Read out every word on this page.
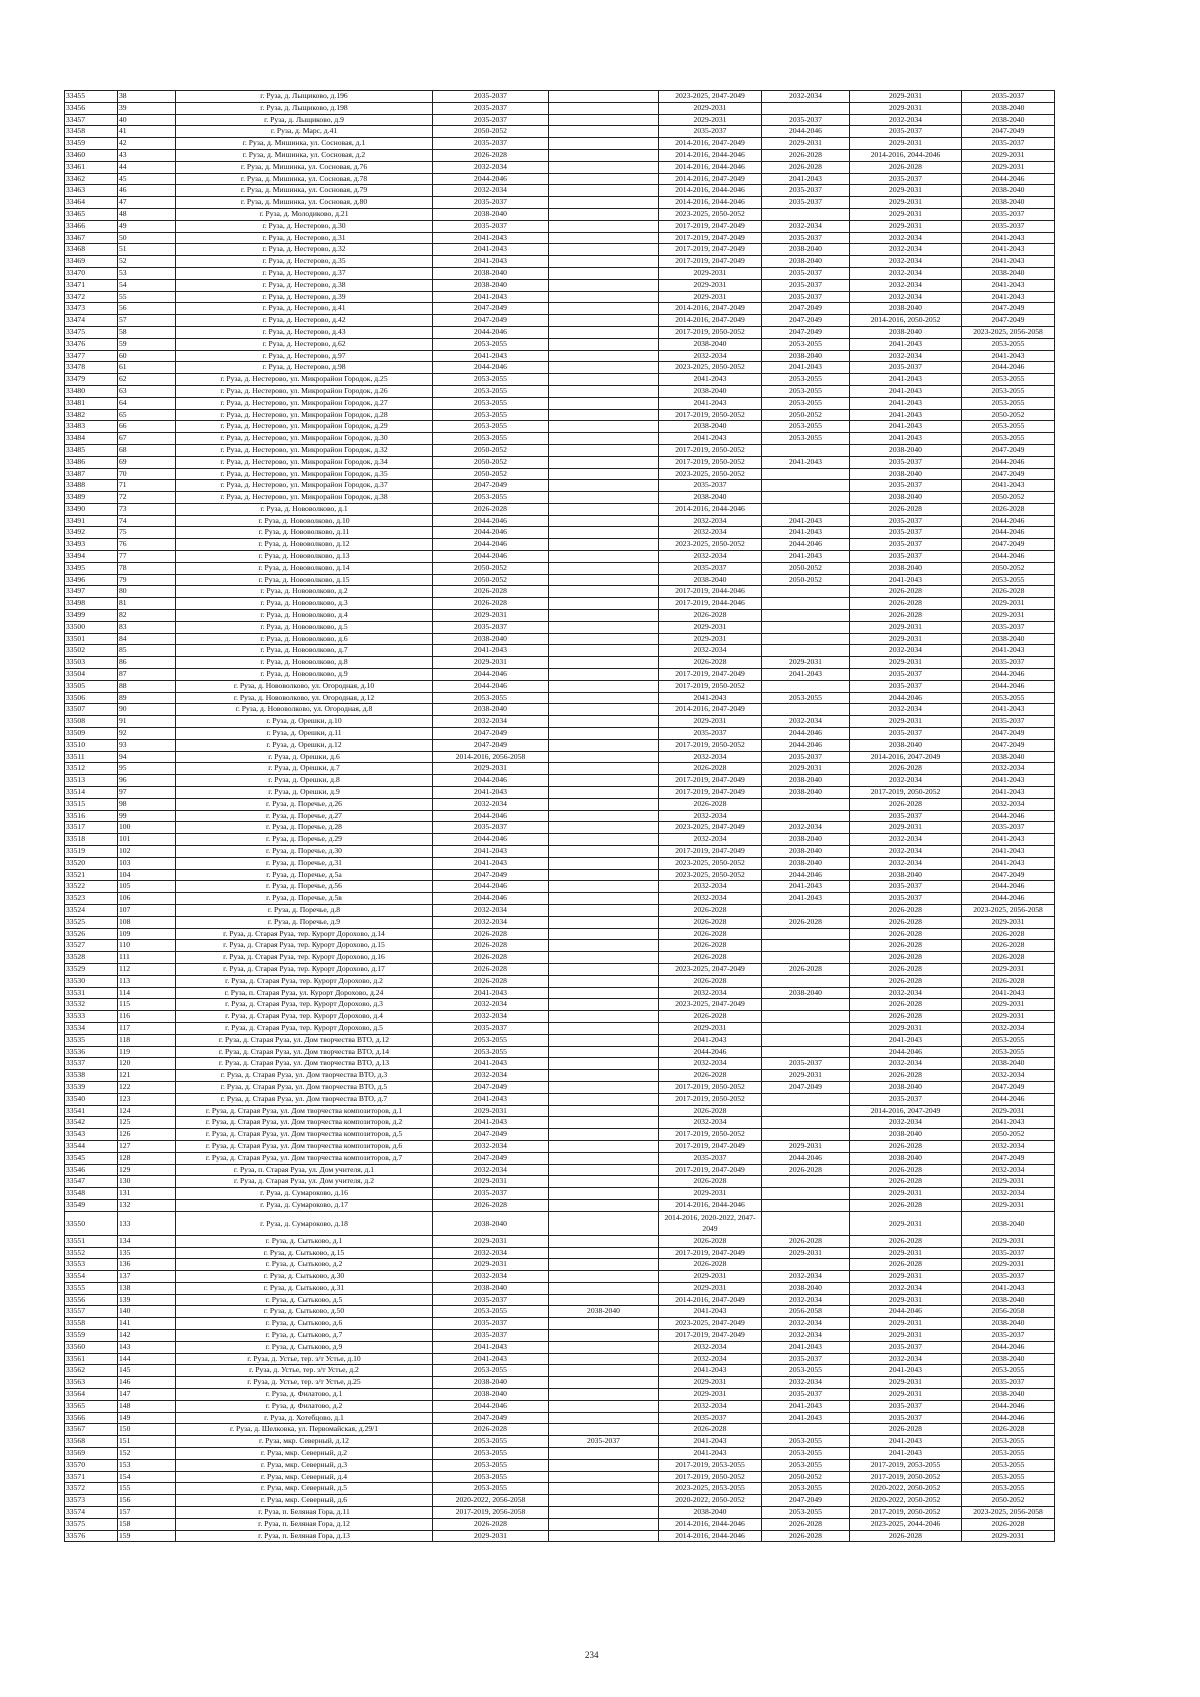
33455	38	г. Руза, д. Лыщиково, д.196	2035-2037		2023-2025, 2047-2049	2032-2034	2029-2031	2035-2037
33456	39	г. Руза, д. Лыщиково, д.198	2035-2037		2029-2031		2029-2031	2038-2040
33457	40	г. Руза, д. Лыщиково, д.9	2035-2037		2029-2031	2035-2037	2032-2034	2038-2040
33458	41	г. Руза, д. Марс, д.41	2050-2052		2035-2037	2044-2046	2035-2037	2047-2049
33459	42	г. Руза, д. Мишинка, ул. Сосновая, д.1	2035-2037		2014-2016, 2047-2049	2029-2031	2029-2031	2035-2037
33460	43	г. Руза, д. Мишинка, ул. Сосновая, д.2	2026-2028		2014-2016, 2044-2046	2026-2028	2014-2016, 2044-2046	2029-2031
33461	44	г. Руза, д. Мишинка, ул. Сосновая, д.76	2032-2034		2014-2016, 2044-2046	2026-2028	2026-2028	2029-2031
33462	45	г. Руза, д. Мишинка, ул. Сосновая, д.78	2044-2046		2014-2016, 2047-2049	2041-2043	2035-2037	2044-2046
33463	46	г. Руза, д. Мишинка, ул. Сосновая, д.79	2032-2034		2014-2016, 2044-2046	2035-2037	2029-2031	2038-2040
33464	47	г. Руза, д. Мишинка, ул. Сосновая, д.80	2035-2037		2014-2016, 2044-2046	2035-2037	2029-2031	2038-2040
33465	48	г. Руза, д. Молодиково, д.21	2038-2040		2023-2025, 2050-2052		2029-2031	2035-2037
33466	49	г. Руза, д. Нестерово, д.30	2035-2037		2017-2019, 2047-2049	2032-2034	2029-2031	2035-2037
33467	50	г. Руза, д. Нестерово, д.31	2041-2043		2017-2019, 2047-2049	2035-2037	2032-2034	2041-2043
33468	51	г. Руза, д. Нестерово, д.32	2041-2043		2017-2019, 2047-2049	2038-2040	2032-2034	2041-2043
33469	52	г. Руза, д. Нестерово, д.35	2041-2043		2017-2019, 2047-2049	2038-2040	2032-2034	2041-2043
33470	53	г. Руза, д. Нестерово, д.37	2038-2040		2029-2031	2035-2037	2032-2034	2038-2040
33471	54	г. Руза, д. Нестерово, д.38	2038-2040		2029-2031	2035-2037	2032-2034	2041-2043
33472	55	г. Руза, д. Нестерово, д.39	2041-2043		2029-2031	2035-2037	2032-2034	2041-2043
33473	56	г. Руза, д. Нестерово, д.41	2047-2049		2014-2016, 2047-2049	2047-2049	2038-2040	2047-2049
33474	57	г. Руза, д. Нестерово, д.42	2047-2049		2014-2016, 2047-2049	2047-2049	2014-2016, 2050-2052	2047-2049
33475	58	г. Руза, д. Нестерово, д.43	2044-2046		2017-2019, 2050-2052	2047-2049	2038-2040	2023-2025, 2056-2058
33476	59	г. Руза, д. Нестерово, д.62	2053-2055		2038-2040	2053-2055	2041-2043	2053-2055
33477	60	г. Руза, д. Нестерово, д.97	2041-2043		2032-2034	2038-2040	2032-2034	2041-2043
33478	61	г. Руза, д. Нестерово, д.98	2044-2046		2023-2025, 2050-2052	2041-2043	2035-2037	2044-2046
33479	62	г. Руза, д. Нестерово, ул. Микрорайон Городок, д.25	2053-2055		2041-2043	2053-2055	2041-2043	2053-2055
33480	63	г. Руза, д. Нестерово, ул. Микрорайон Городок, д.26	2053-2055		2038-2040	2053-2055	2041-2043	2053-2055
33481	64	г. Руза, д. Нестерово, ул. Микрорайон Городок, д.27	2053-2055		2041-2043	2053-2055	2041-2043	2053-2055
33482	65	г. Руза, д. Нестерово, ул. Микрорайон Городок, д.28	2053-2055		2017-2019, 2050-2052	2050-2052	2041-2043	2050-2052
33483	66	г. Руза, д. Нестерово, ул. Микрорайон Городок, д.29	2053-2055		2038-2040	2053-2055	2041-2043	2053-2055
33484	67	г. Руза, д. Нестерово, ул. Микрорайон Городок, д.30	2053-2055		2041-2043	2053-2055	2041-2043	2053-2055
33485	68	г. Руза, д. Нестерово, ул. Микрорайон Городок, д.32	2050-2052		2017-2019, 2050-2052		2038-2040	2047-2049
33486	69	г. Руза, д. Нестерово, ул. Микрорайон Городок, д.34	2050-2052		2017-2019, 2050-2052	2041-2043	2035-2037	2044-2046
33487	70	г. Руза, д. Нестерово, ул. Микрорайон Городок, д.35	2050-2052		2023-2025, 2050-2052		2038-2040	2047-2049
33488	71	г. Руза, д. Нестерово, ул. Микрорайон Городок, д.37	2047-2049		2035-2037		2035-2037	2041-2043
33489	72	г. Руза, д. Нестерово, ул. Микрорайон Городок, д.38	2053-2055		2038-2040		2038-2040	2050-2052
33490	73	г. Руза, д. Нововолково, д.1	2026-2028		2014-2016, 2044-2046		2026-2028	2026-2028
33491	74	г. Руза, д. Нововолково, д.10	2044-2046		2032-2034	2041-2043	2035-2037	2044-2046
33492	75	г. Руза, д. Нововолково, д.11	2044-2046		2032-2034	2041-2043	2035-2037	2044-2046
33493	76	г. Руза, д. Нововолково, д.12	2044-2046		2023-2025, 2050-2052	2044-2046	2035-2037	2047-2049
33494	77	г. Руза, д. Нововолково, д.13	2044-2046		2032-2034	2041-2043	2035-2037	2044-2046
33495	78	г. Руза, д. Нововолково, д.14	2050-2052		2035-2037	2050-2052	2038-2040	2050-2052
33496	79	г. Руза, д. Нововолково, д.15	2050-2052		2038-2040	2050-2052	2041-2043	2053-2055
33497	80	г. Руза, д. Нововолково, д.2	2026-2028		2017-2019, 2044-2046		2026-2028	2026-2028
33498	81	г. Руза, д. Нововолково, д.3	2026-2028		2017-2019, 2044-2046		2026-2028	2029-2031
33499	82	г. Руза, д. Нововолково, д.4	2029-2031		2026-2028		2026-2028	2029-2031
33500	83	г. Руза, д. Нововолково, д.5	2035-2037		2029-2031		2029-2031	2035-2037
33501	84	г. Руза, д. Нововолково, д.6	2038-2040		2029-2031		2029-2031	2038-2040
33502	85	г. Руза, д. Нововолково, д.7	2041-2043		2032-2034		2032-2034	2041-2043
33503	86	г. Руза, д. Нововолково, д.8	2029-2031		2026-2028	2029-2031	2029-2031	2035-2037
33504	87	г. Руза, д. Нововолково, д.9	2044-2046		2017-2019, 2047-2049	2041-2043	2035-2037	2044-2046
33505	88	г. Руза, д. Нововолково, ул. Огородная, д.10	2044-2046		2017-2019, 2050-2052		2035-2037	2044-2046
33506	89	г. Руза, д. Нововолково, ул. Огородная, д.12	2053-2055		2041-2043	2053-2055	2044-2046	2053-2055
33507	90	г. Руза, д. Нововолково, ул. Огородная, д.8	2038-2040		2014-2016, 2047-2049		2032-2034	2041-2043
33508	91	г. Руза, д. Орешки, д.10	2032-2034		2029-2031	2032-2034	2029-2031	2035-2037
33509	92	г. Руза, д. Орешки, д.11	2047-2049		2035-2037	2044-2046	2035-2037	2047-2049
33510	93	г. Руза, д. Орешки, д.12	2047-2049		2017-2019, 2050-2052	2044-2046	2038-2040	2047-2049
33511	94	г. Руза, д. Орешки, д.6	2014-2016, 2056-2058		2032-2034	2035-2037	2014-2016, 2047-2049	2038-2040
33512	95	г. Руза, д. Орешки, д.7	2029-2031		2026-2028	2029-2031	2026-2028	2032-2034
33513	96	г. Руза, д. Орешки, д.8	2044-2046		2017-2019, 2047-2049	2038-2040	2032-2034	2041-2043
33514	97	г. Руза, д. Орешки, д.9	2041-2043		2017-2019, 2047-2049	2038-2040	2017-2019, 2050-2052	2041-2043
33515	98	г. Руза, д. Поречье, д.26	2032-2034		2026-2028		2026-2028	2032-2034
33516	99	г. Руза, д. Поречье, д.27	2044-2046		2032-2034		2035-2037	2044-2046
33517	100	г. Руза, д. Поречье, д.28	2035-2037		2023-2025, 2047-2049	2032-2034	2029-2031	2035-2037
33518	101	г. Руза, д. Поречье, д.29	2044-2046		2032-2034	2038-2040	2032-2034	2041-2043
33519	102	г. Руза, д. Поречье, д.30	2041-2043		2017-2019, 2047-2049	2038-2040	2032-2034	2041-2043
33520	103	г. Руза, д. Поречье, д.31	2041-2043		2023-2025, 2050-2052	2038-2040	2032-2034	2041-2043
33521	104	г. Руза, д. Поречье, д.5а	2047-2049		2023-2025, 2050-2052	2044-2046	2038-2040	2047-2049
33522	105	г. Руза, д. Поречье, д.56	2044-2046		2032-2034	2041-2043	2035-2037	2044-2046
33523	106	г. Руза, д. Поречье, д.5в	2044-2046		2032-2034	2041-2043	2035-2037	2044-2046
33524	107	г. Руза, д. Поречье, д.8	2032-2034		2026-2028		2026-2028	2023-2025, 2056-2058
33525	108	г. Руза, д. Поречье, д.9	2032-2034		2026-2028	2026-2028	2026-2028	2029-2031
33526	109	г. Руза, д. Старая Руза, тер. Курорт Дорохово, д.14	2026-2028		2026-2028		2026-2028	2026-2028
33527	110	г. Руза, д. Старая Руза, тер. Курорт Дорохово, д.15	2026-2028		2026-2028		2026-2028	2026-2028
33528	111	г. Руза, д. Старая Руза, тер. Курорт Дорохово, д.16	2026-2028		2026-2028		2026-2028	2026-2028
33529	112	г. Руза, д. Старая Руза, тер. Курорт Дорохово, д.17	2026-2028		2023-2025, 2047-2049	2026-2028	2026-2028	2029-2031
33530	113	г. Руза, д. Старая Руза, тер. Курорт Дорохово, д.2	2026-2028		2026-2028		2026-2028	2026-2028
33531	114	г. Руза, п. Старая Руза, ул. Курорт Дорохово, д.24	2041-2043		2032-2034	2038-2040	2032-2034	2041-2043
33532	115	г. Руза, д. Старая Руза, тер. Курорт Дорохово, д.3	2032-2034		2023-2025, 2047-2049		2026-2028	2029-2031
33533	116	г. Руза, д. Старая Руза, тер. Курорт Дорохово, д.4	2032-2034		2026-2028		2026-2028	2029-2031
33534	117	г. Руза, д. Старая Руза, тер. Курорт Дорохово, д.5	2035-2037		2029-2031		2029-2031	2032-2034
33535	118	г. Руза, д. Старая Руза, ул. Дом творчества ВТО, д.12	2053-2055		2041-2043		2041-2043	2053-2055
33536	119	г. Руза, д. Старая Руза, ул. Дом творчества ВТО, д.14	2053-2055		2044-2046		2044-2046	2053-2055
33537	120	г. Руза, д. Старая Руза, ул. Дом творчества ВТО, д.13	2041-2043		2032-2034	2035-2037	2032-2034	2038-2040
33538	121	г. Руза, д. Старая Руза, ул. Дом творчества ВТО, д.3	2032-2034		2026-2028	2029-2031	2026-2028	2032-2034
33539	122	г. Руза, д. Старая Руза, ул. Дом творчества ВТО, д.5	2047-2049		2017-2019, 2050-2052	2047-2049	2038-2040	2047-2049
33540	123	г. Руза, д. Старая Руза, ул. Дом творчества ВТО, д.7	2041-2043		2017-2019, 2050-2052		2035-2037	2044-2046
33541	124	г. Руза, д. Старая Руза, ул. Дом творчества композиторов, д.1	2029-2031		2026-2028		2014-2016, 2047-2049	2029-2031
33542	125	г. Руза, д. Старая Руза, ул. Дом творчества композиторов, д.2	2041-2043		2032-2034		2032-2034	2041-2043
33543	126	г. Руза, д. Старая Руза, ул. Дом творчества композиторов, д.5	2047-2049		2017-2019, 2050-2052		2038-2040	2050-2052
33544	127	г. Руза, д. Старая Руза, ул. Дом творчества композиторов, д.6	2032-2034		2017-2019, 2047-2049	2029-2031	2026-2028	2032-2034
33545	128	г. Руза, д. Старая Руза, ул. Дом творчества композиторов, д.7	2047-2049		2035-2037	2044-2046	2038-2040	2047-2049
33546	129	г. Руза, п. Старая Руза, ул. Дом учителя, д.1	2032-2034		2017-2019, 2047-2049	2026-2028	2026-2028	2032-2034
33547	130	г. Руза, д. Старая Руза, ул. Дом учителя, д.2	2029-2031		2026-2028		2026-2028	2029-2031
33548	131	г. Руза, д. Сумароково, д.16	2035-2037		2029-2031		2029-2031	2032-2034
33549	132	г. Руза, д. Сумароково, д.17	2026-2028		2014-2016, 2044-2046		2026-2028	2029-2031
33550	133	г. Руза, д. Сумароково, д.18	2038-2040		2014-2016, 2020-2022, 2047-2049		2029-2031	2038-2040
33551	134	г. Руза, д. Сытьково, д.1	2029-2031		2026-2028	2026-2028	2026-2028	2029-2031
33552	135	г. Руза, д. Сытьково, д.15	2032-2034		2017-2019, 2047-2049	2029-2031	2029-2031	2035-2037
33553	136	г. Руза, д. Сытьково, д.2	2029-2031		2026-2028		2026-2028	2029-2031
33554	137	г. Руза, д. Сытьково, д.30	2032-2034		2029-2031	2032-2034	2029-2031	2035-2037
33555	138	г. Руза, д. Сытьково, д.31	2038-2040		2029-2031	2038-2040	2032-2034	2041-2043
33556	139	г. Руза, д. Сытьково, д.5	2035-2037		2014-2016, 2047-2049	2032-2034	2029-2031	2038-2040
33557	140	г. Руза, д. Сытьково, д.50	2053-2055	2038-2040	2041-2043	2056-2058	2044-2046	2056-2058
33558	141	г. Руза, д. Сытьково, д.6	2035-2037		2023-2025, 2047-2049	2032-2034	2029-2031	2038-2040
33559	142	г. Руза, д. Сытьково, д.7	2035-2037		2017-2019, 2047-2049	2032-2034	2029-2031	2035-2037
33560	143	г. Руза, д. Сытьково, д.9	2041-2043		2032-2034	2041-2043	2035-2037	2044-2046
33561	144	г. Руза, д. Устье, тер. з/т Устье, д.10	2041-2043		2032-2034	2035-2037	2032-2034	2038-2040
33562	145	г. Руза, д. Устье, тер. з/т Устье, д.2	2053-2055		2041-2043	2053-2055	2041-2043	2053-2055
33563	146	г. Руза, д. Устье, тер. з/т Устье, д.25	2038-2040		2029-2031	2032-2034	2029-2031	2035-2037
33564	147	г. Руза, д. Филатово, д.1	2038-2040		2029-2031	2035-2037	2029-2031	2038-2040
33565	148	г. Руза, д. Филатово, д.2	2044-2046		2032-2034	2041-2043	2035-2037	2044-2046
33566	149	г. Руза, д. Хотебцово, д.1	2047-2049		2035-2037	2041-2043	2035-2037	2044-2046
33567	150	г. Руза, д. Шелковка, ул. Первомайская, д.29/1	2026-2028		2026-2028		2026-2028	2026-2028
33568	151	г. Руза, мкр. Северный, д.12	2053-2055	2035-2037	2041-2043	2053-2055	2041-2043	2053-2055
33569	152	г. Руза, мкр. Северный, д.2	2053-2055		2041-2043	2053-2055	2041-2043	2053-2055
33570	153	г. Руза, мкр. Северный, д.3	2053-2055		2017-2019, 2053-2055	2053-2055	2017-2019, 2053-2055	2053-2055
33571	154	г. Руза, мкр. Северный, д.4	2053-2055		2017-2019, 2050-2052	2050-2052	2017-2019, 2050-2052	2053-2055
33572	155	г. Руза, мкр. Северный, д.5	2053-2055		2023-2025, 2053-2055	2053-2055	2020-2022, 2050-2052	2053-2055
33573	156	г. Руза, мкр. Северный, д.6	2020-2022, 2056-2058		2020-2022, 2050-2052	2047-2049	2020-2022, 2050-2052	2050-2052
33574	157	г. Руза, п. Беляная Гора, д.11	2017-2019, 2056-2058		2038-2040	2053-2055	2017-2019, 2050-2052	2023-2025, 2056-2058
33575	158	г. Руза, п. Беляная Гора, д.12	2026-2028		2014-2016, 2044-2046	2026-2028	2023-2025, 2044-2046	2026-2028
33576	159	г. Руза, п. Беляная Гора, д.13	2029-2031		2014-2016, 2044-2046	2026-2028	2026-2028	2029-2031
234
